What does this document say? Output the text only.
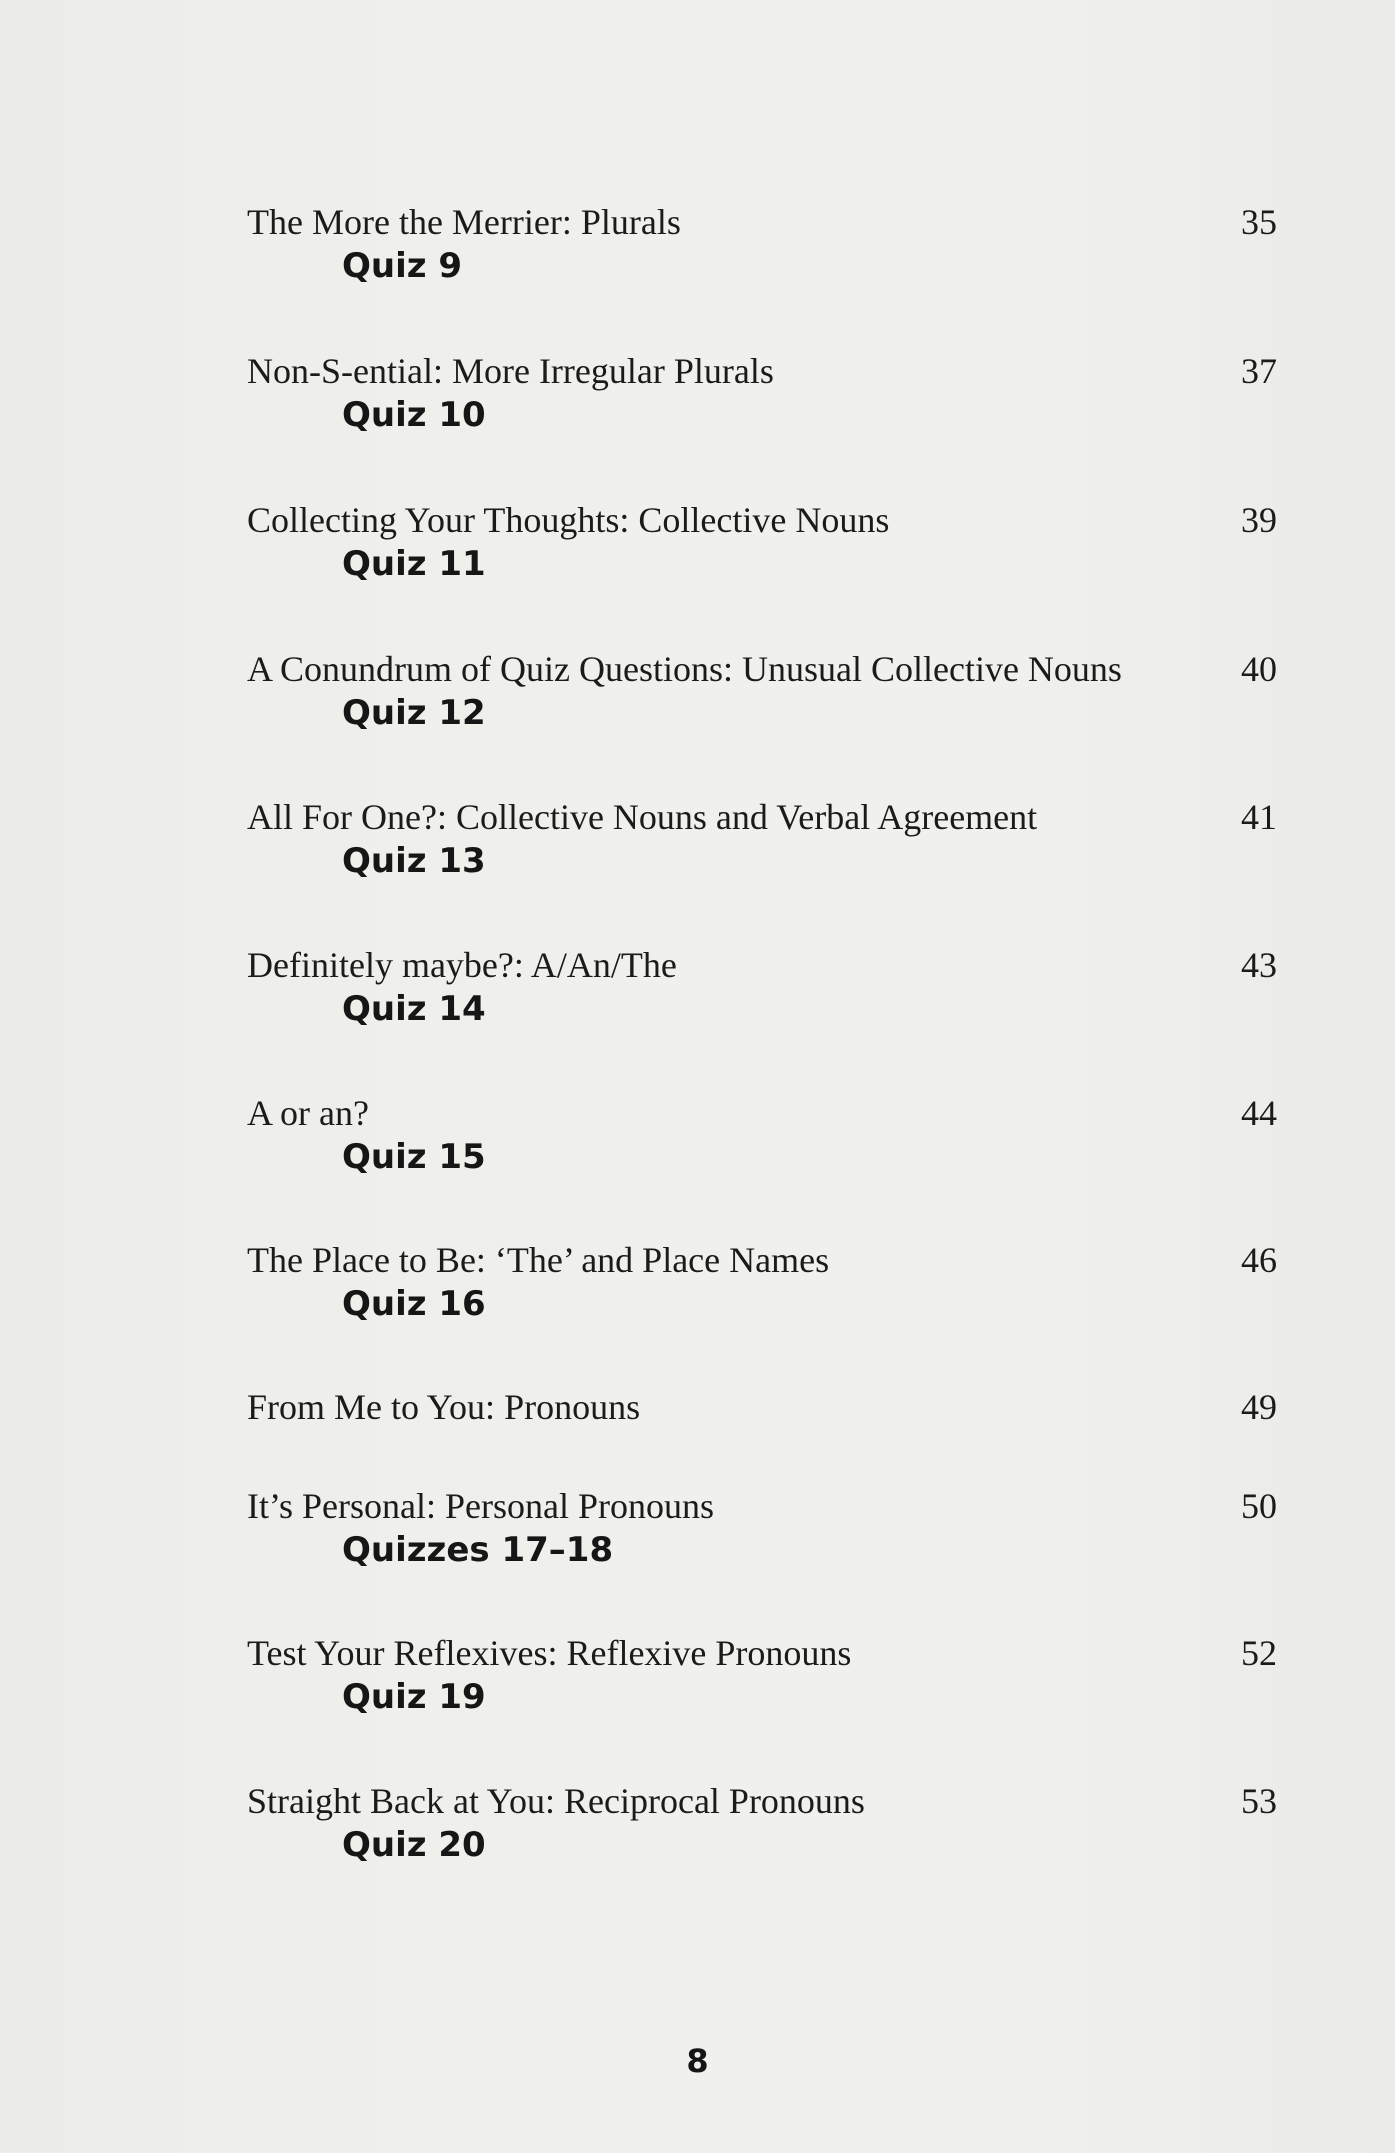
The More the Merrier: Plurals	35
Quiz 9
Non-S-ential: More Irregular Plurals	37
Quiz 10
Collecting Your Thoughts: Collective Nouns	39
Quiz 11
A Conundrum of Quiz Questions: Unusual Collective Nouns	40
Quiz 12
All For One?: Collective Nouns and Verbal Agreement	41
Quiz 13
Definitely maybe?: A/An/The	43
Quiz 14
A or an?	44
Quiz 15
The Place to Be: ‘The’ and Place Names	46
Quiz 16
From Me to You: Pronouns	49
It’s Personal: Personal Pronouns	50
Quizzes 17–18
Test Your Reflexives: Reflexive Pronouns	52
Quiz 19
Straight Back at You: Reciprocal Pronouns	53
Quiz 20
8
